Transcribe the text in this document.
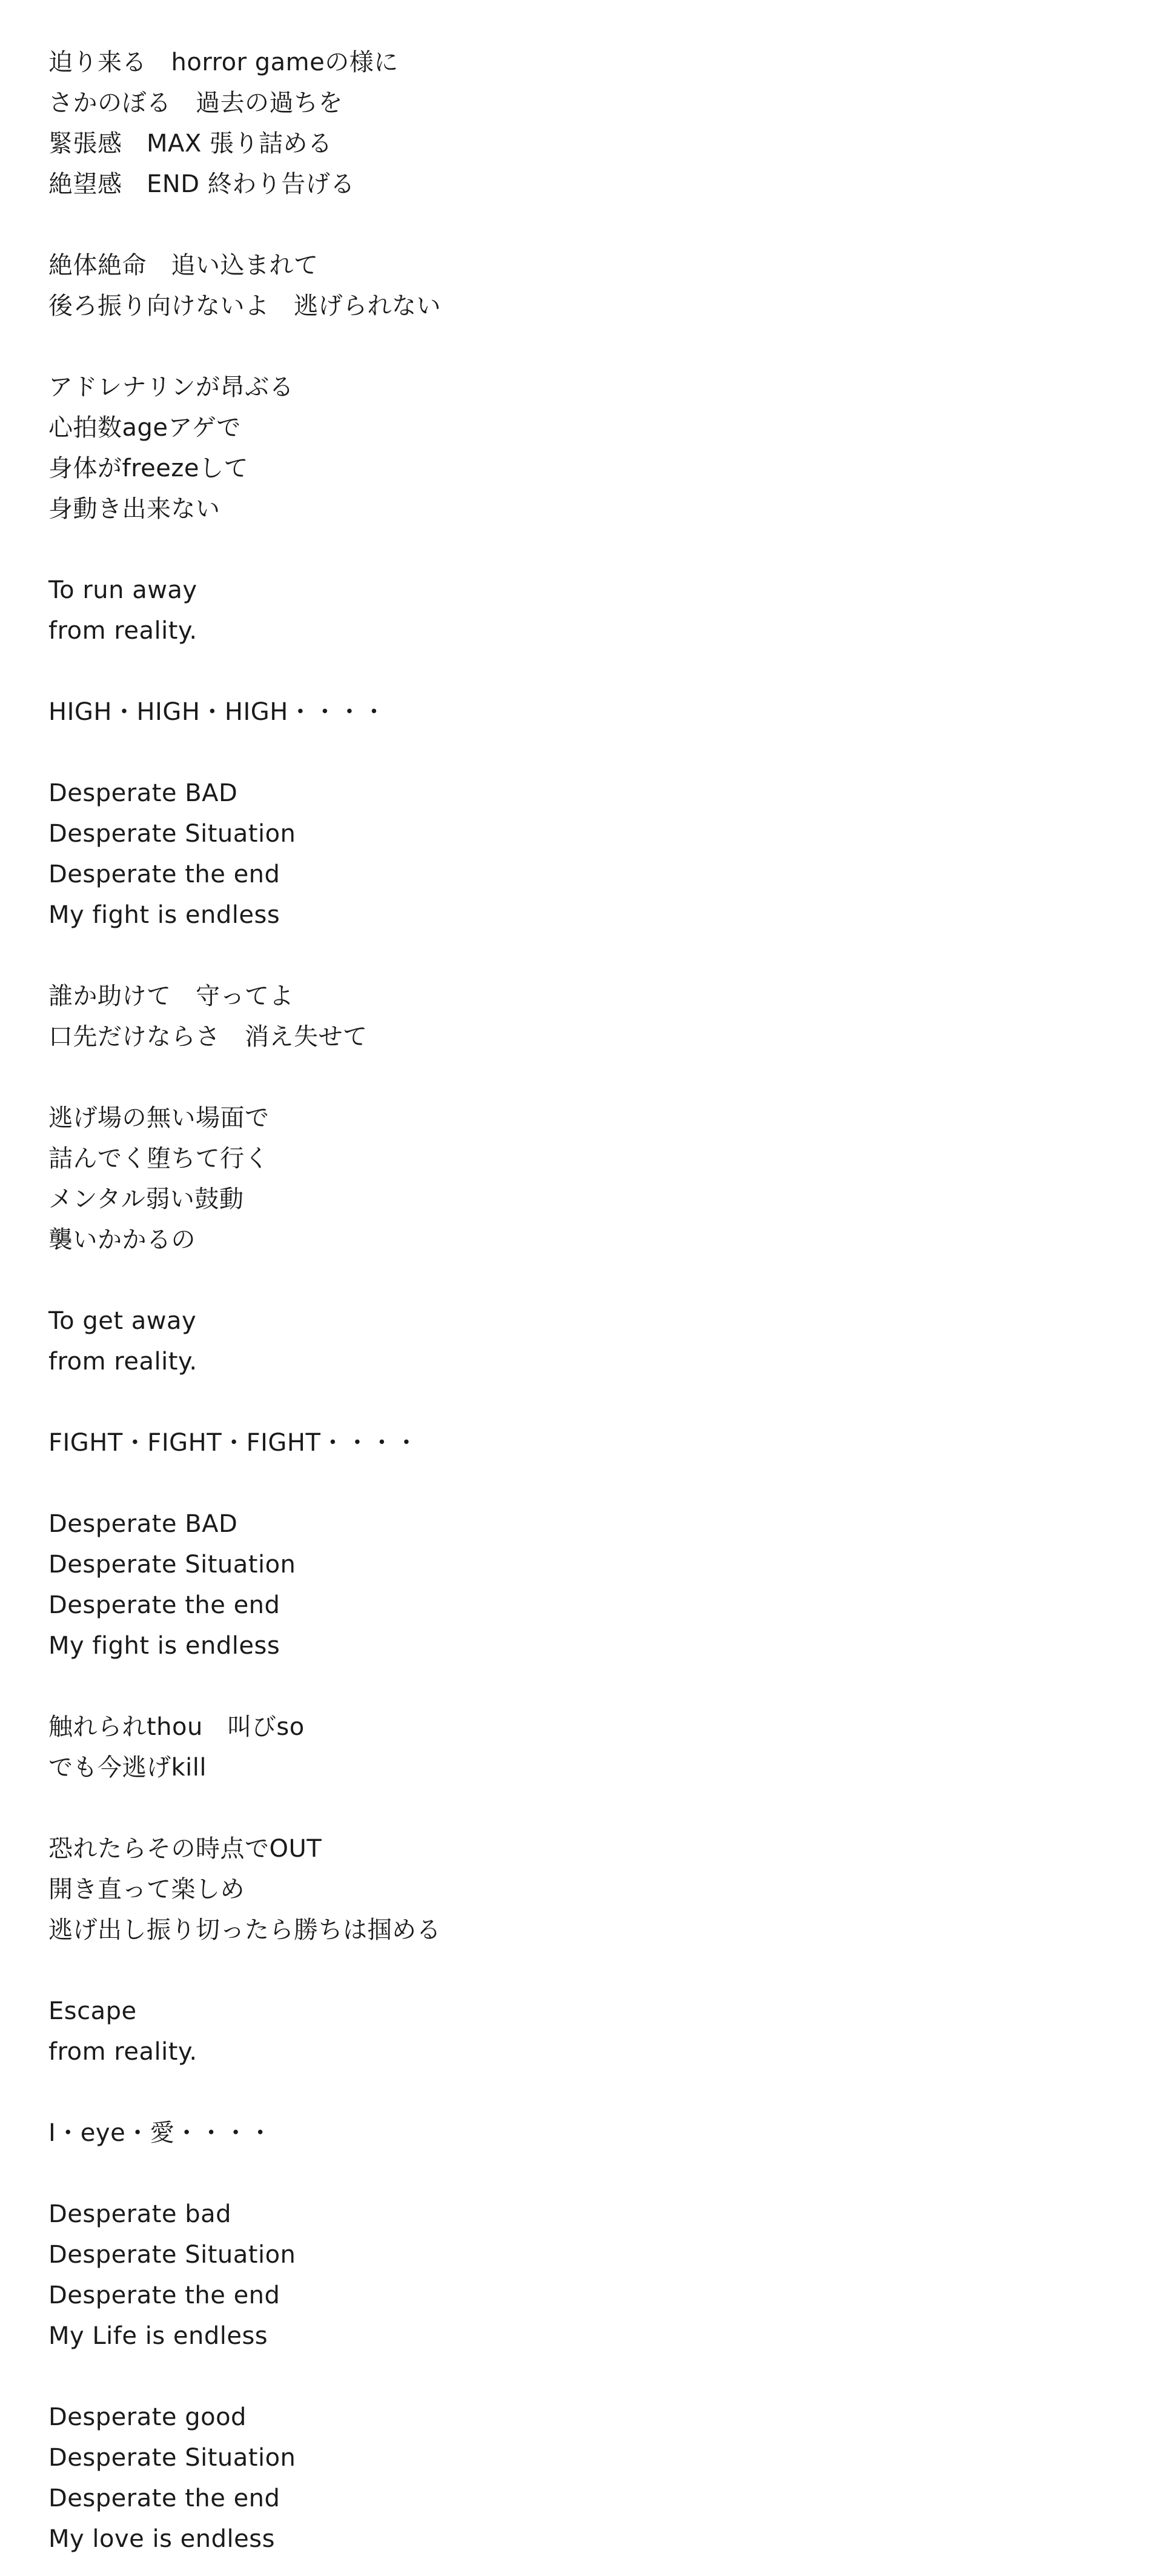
迫り来る　horror gameの様に
さかのぼる　過去の過ちを
緊張感　MAX 張り詰める
絶望感　END 終わり告げる
絶体絶命　追い込まれて
後ろ振り向けないよ　逃げられない
アドレナリンが昂ぶる
心拍数ageアゲで
身体がfreezeして
身動き出来ない
To run away
from reality.
HIGH・HIGH・HIGH・・・・
Desperate BAD
Desperate Situation
Desperate the end
My fight is endless
誰か助けて　守ってよ
口先だけならさ　消え失せて
逃げ場の無い場面で
詰んでく堕ちて行く
メンタル弱い鼓動
襲いかかるの
To get away
from reality.
FIGHT・FIGHT・FIGHT・・・・
Desperate BAD
Desperate Situation
Desperate the end
My fight is endless
触れられthou　叫びso
でも今逃げkill
恐れたらその時点でOUT
開き直って楽しめ
逃げ出し振り切ったら勝ちは掴める
Escape
from reality.
I・eye・愛・・・・
Desperate bad
Desperate Situation
Desperate the end
My Life is endless
Desperate good
Desperate Situation
Desperate the end
My love is endless
